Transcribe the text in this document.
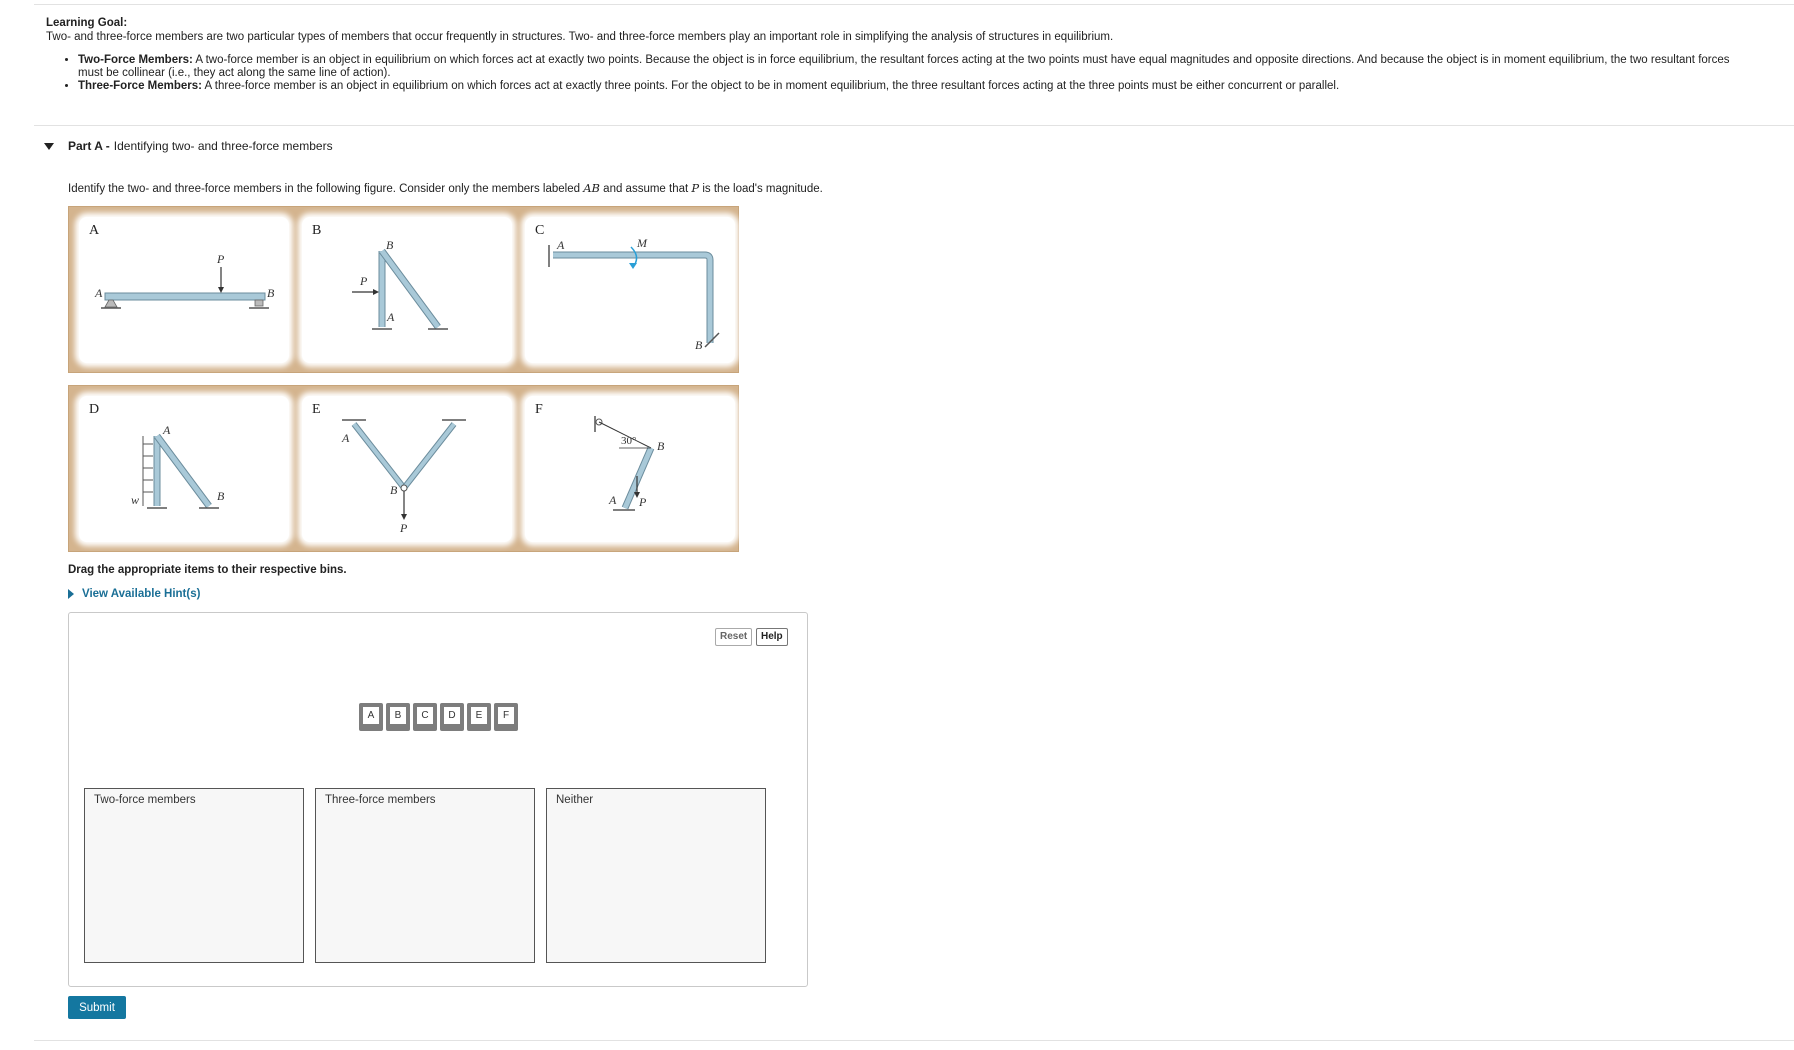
Learning Goal:
Two- and three-force members are two particular types of members that occur frequently in structures. Two- and three-force members play an important role in simplifying the analysis of structures in equilibrium.
• Two-Force Members: A two-force member is an object in equilibrium on which forces act at exactly two points. Because the object is in force equilibrium, the resultant forces acting at the two points must have equal magnitudes and opposite directions. And because the object is in moment equilibrium, the two resultant forces must be collinear (i.e., they act along the same line of action).
• Three-Force Members: A three-force member is an object in equilibrium on which forces act at exactly three points. For the object to be in moment equilibrium, the three resultant forces acting at the three points must be either concurrent or parallel.
Part A - Identifying two- and three-force members
Identify the two- and three-force members in the following figure. Consider only the members labeled AB and assume that P is the load's magnitude.
A
A	B
P
B
B
P
A
C
A	M
B
D
A
B
w
E
A
B
P
F
30° B
A P
Drag the appropriate items to their respective bins.
View Available Hint(s)
Reset	Help
A	B	C	D	E	F
Two-force members	Three-force members	Neither
Submit
